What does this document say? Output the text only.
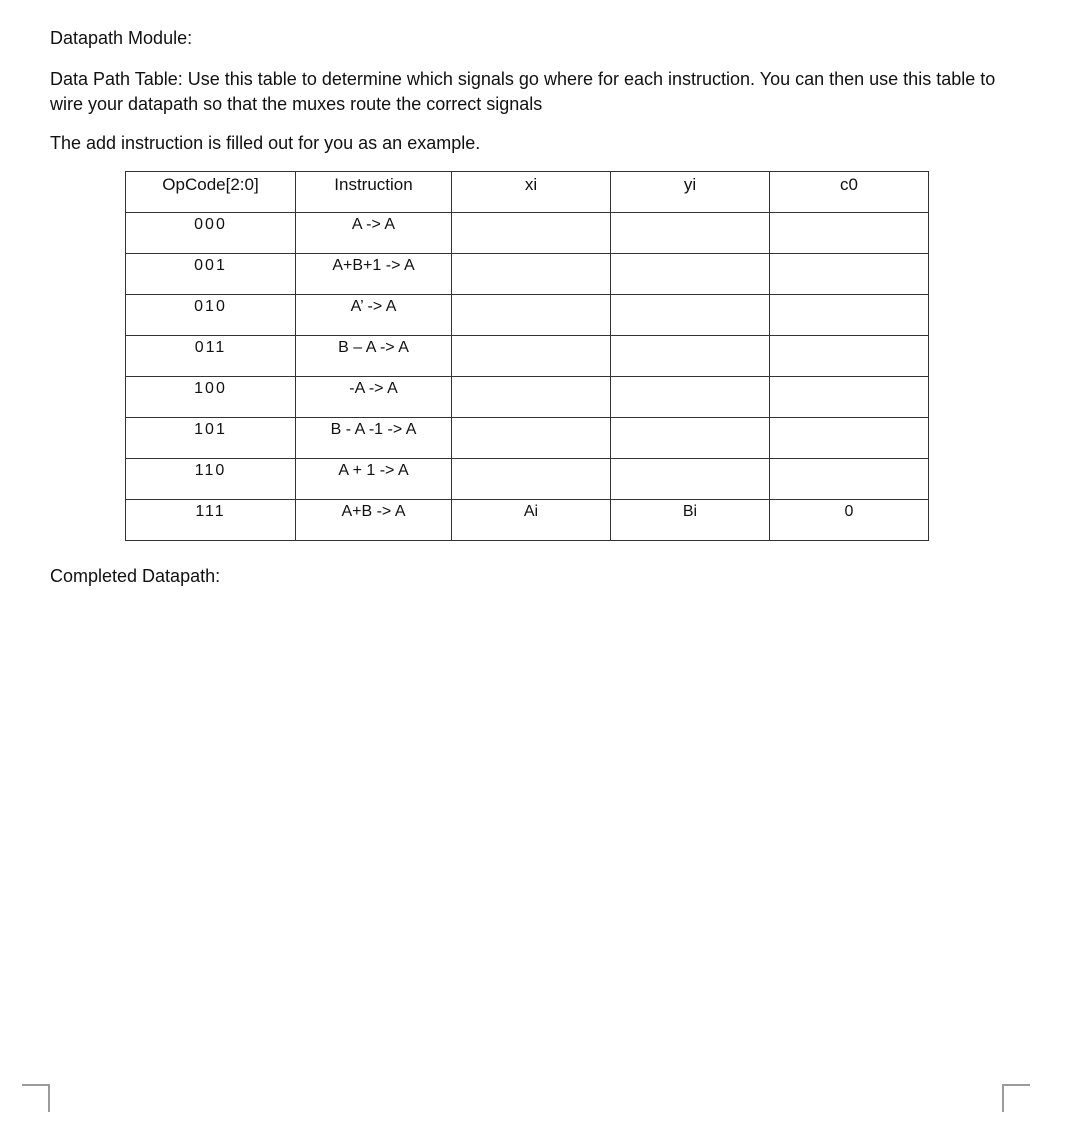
Datapath Module:

Data Path Table: Use this table to determine which signals go where for each instruction. You can then use this table to wire your datapath so that the muxes route the correct signals

The add instruction is filled out for you as an example.

OpCode[2:0]	Instruction	xi	yi	c0
000	A -> A			
001	A+B+1 -> A			
010	A’ -> A			
011	B – A -> A			
100	-A -> A			
101	B - A -1 -> A			
110	A + 1 -> A			
111	A+B -> A	Ai	Bi	0

Completed Datapath:
